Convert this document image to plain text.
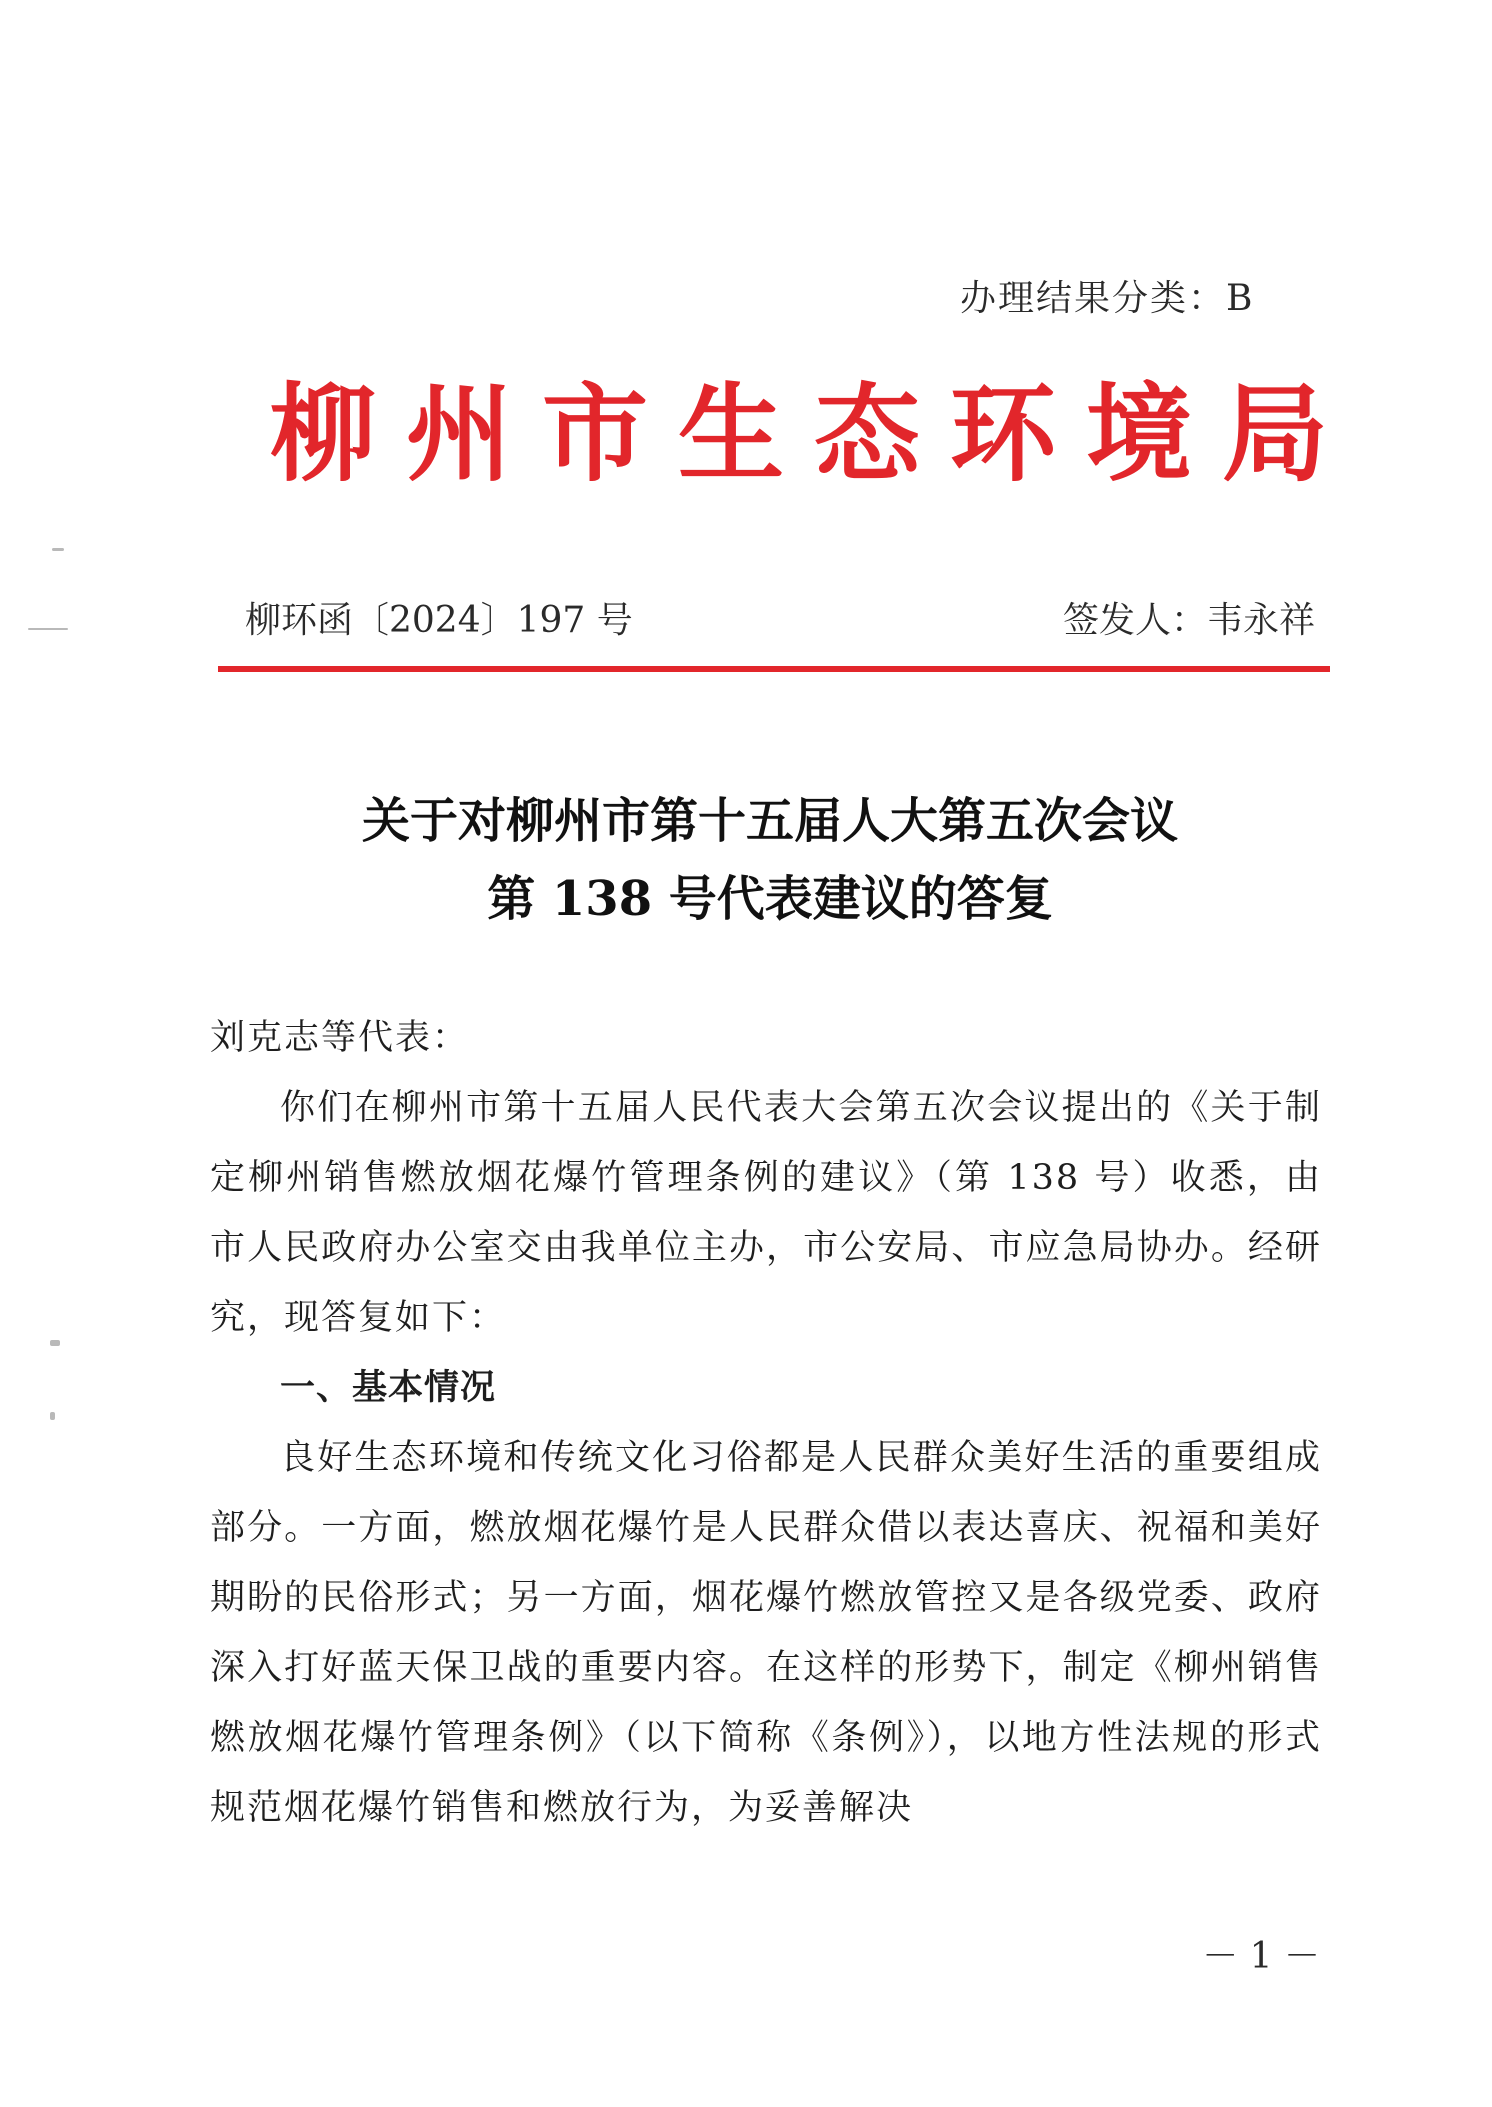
办理结果分类：B
柳州市生态环境局
柳环函〔2024〕197 号	签发人：韦永祥
关于对柳州市第十五届人大第五次会议
第 138 号代表建议的答复

刘克志等代表：

你们在柳州市第十五届人民代表大会第五次会议提出的《关于制定柳州销售燃放烟花爆竹管理条例的建议》（第 138 号）收悉，由市人民政府办公室交由我单位主办，市公安局、市应急局协办。经研究，现答复如下：

一、基本情况

良好生态环境和传统文化习俗都是人民群众美好生活的重要组成部分。一方面，燃放烟花爆竹是人民群众借以表达喜庆、祝福和美好期盼的民俗形式；另一方面，烟花爆竹燃放管控又是各级党委、政府深入打好蓝天保卫战的重要内容。在这样的形势下，制定《柳州销售燃放烟花爆竹管理条例》（以下简称《条例》），以地方性法规的形式规范烟花爆竹销售和燃放行为，为妥善解决

－ 1 －
